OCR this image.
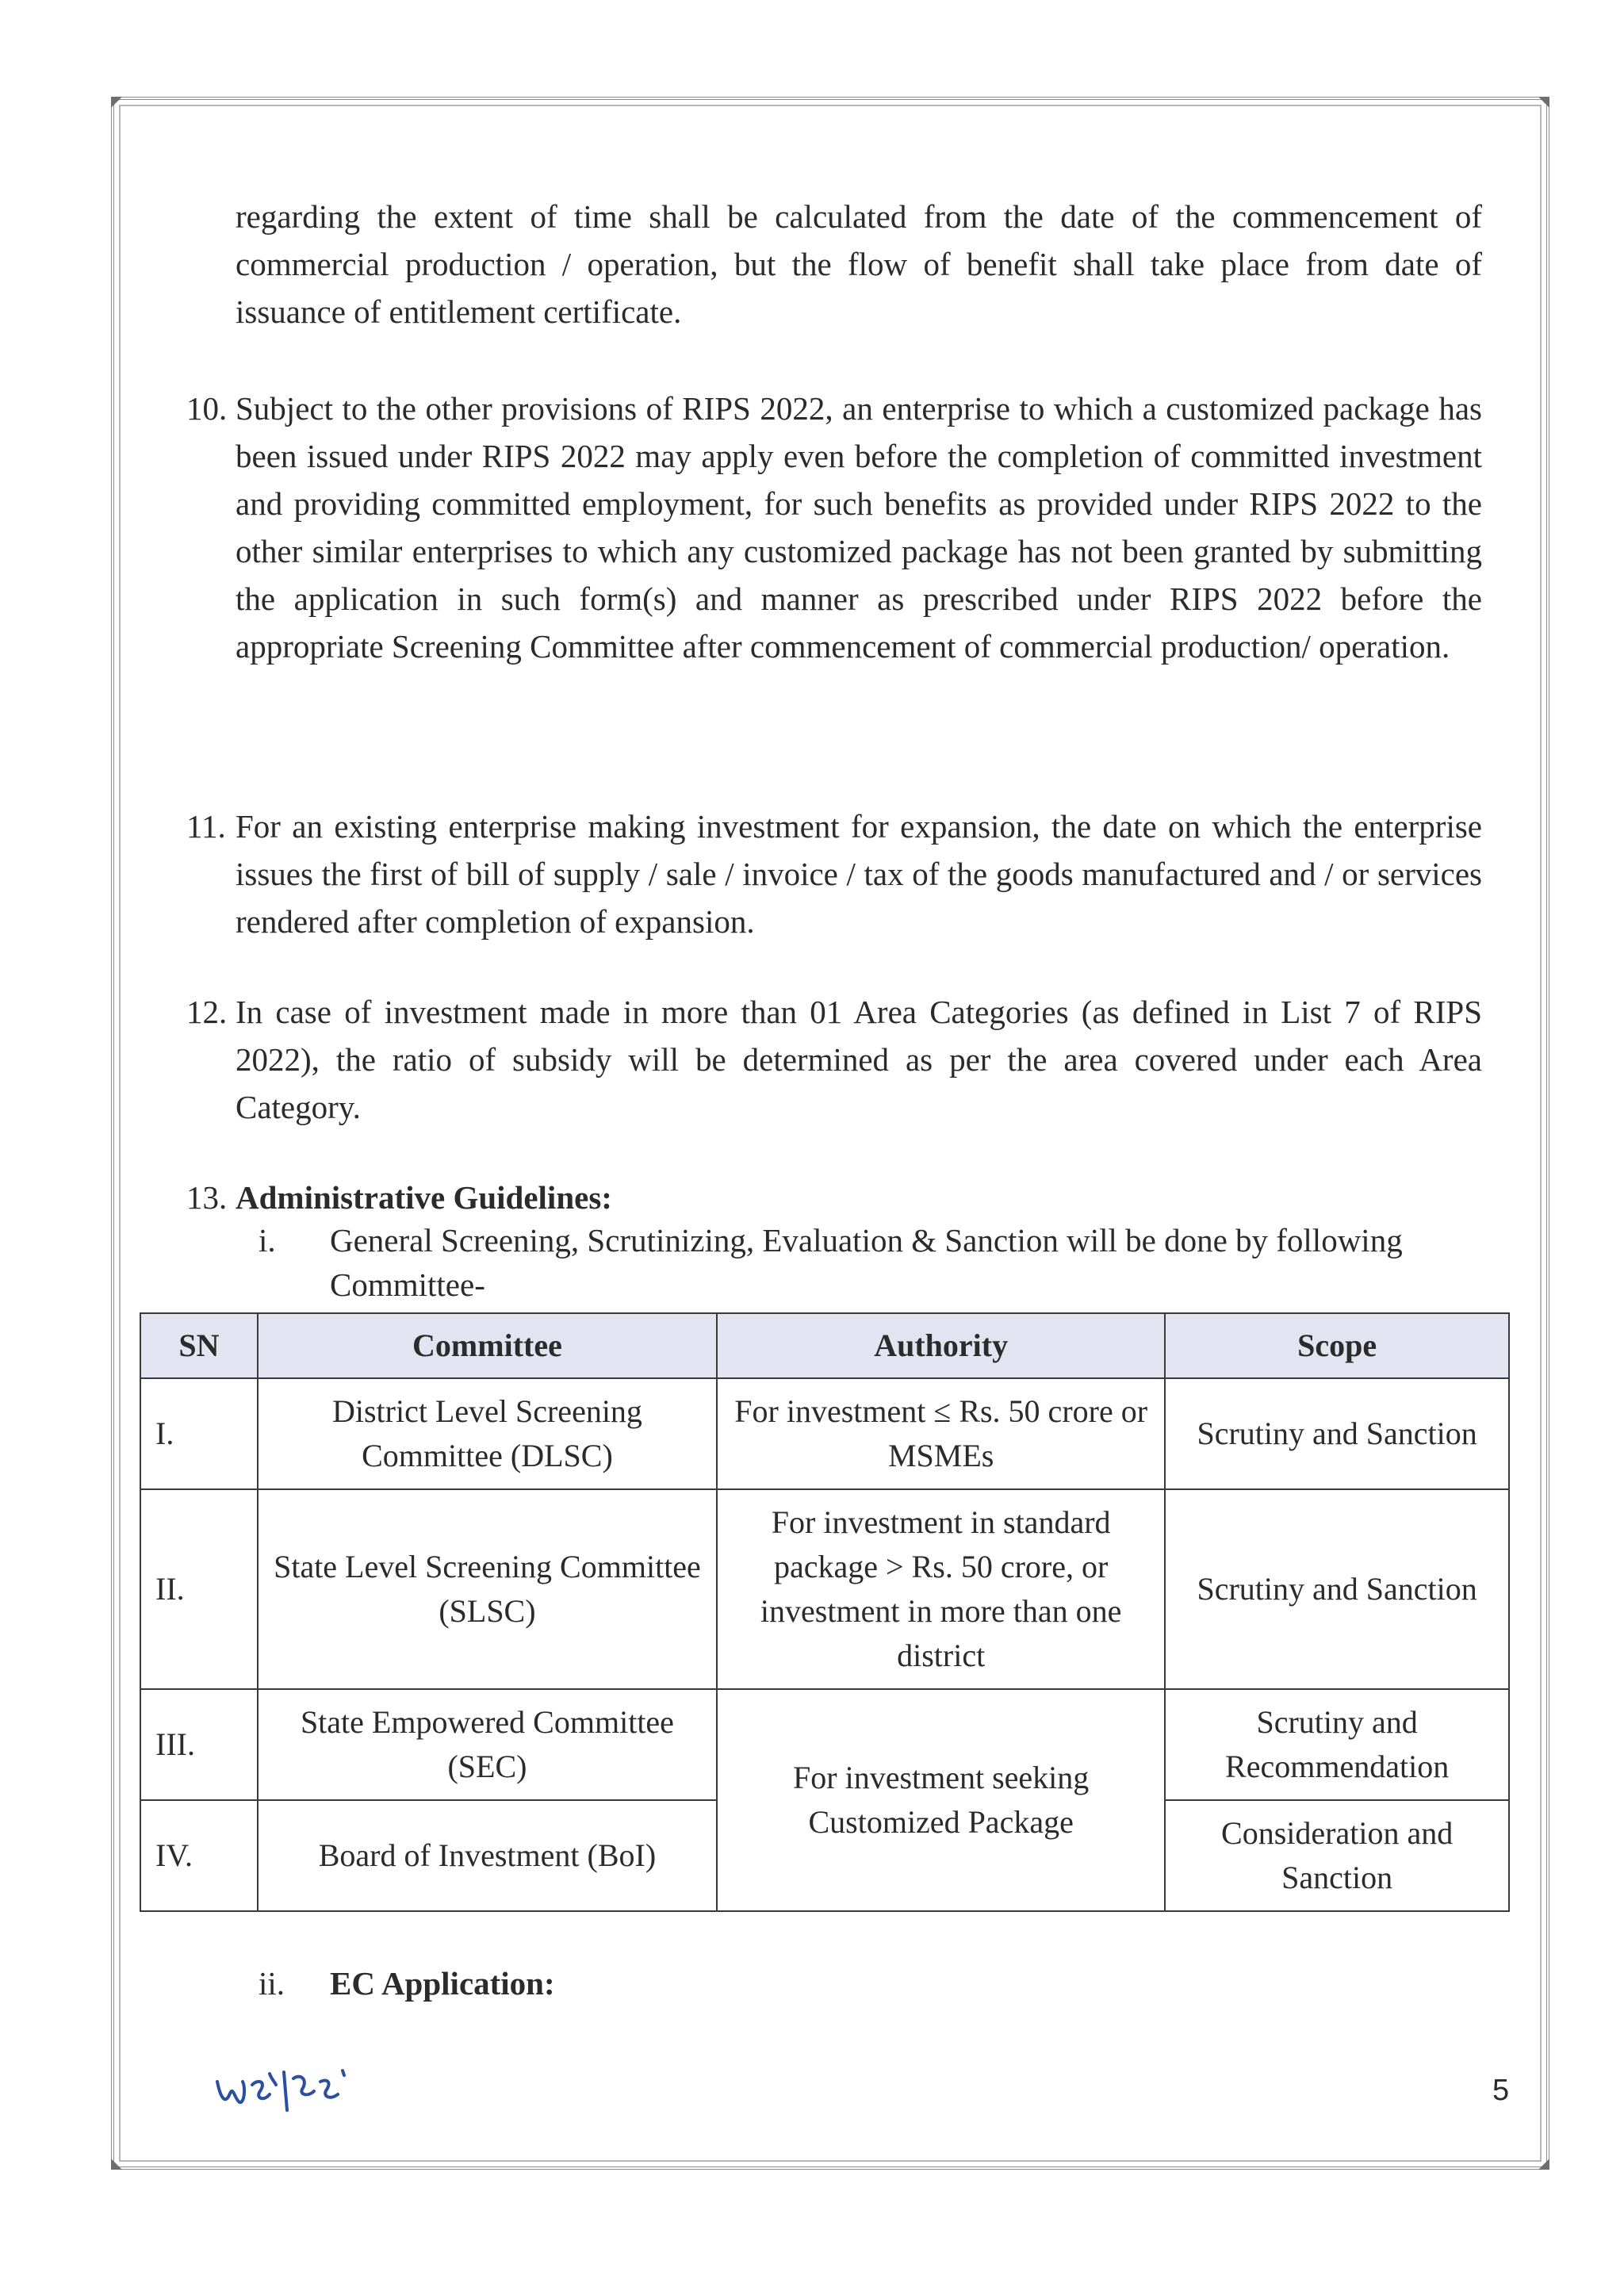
regarding the extent of time shall be calculated from the date of the commencement of commercial production / operation, but the flow of benefit shall take place from date of issuance of entitlement certificate.
10. Subject to the other provisions of RIPS 2022, an enterprise to which a customized package has been issued under RIPS 2022 may apply even before the completion of committed investment and providing committed employment, for such benefits as provided under RIPS 2022 to the other similar enterprises to which any customized package has not been granted by submitting the application in such form(s) and manner as prescribed under RIPS 2022 before the appropriate Screening Committee after commencement of commercial production/ operation.
11. For an existing enterprise making investment for expansion, the date on which the enterprise issues the first of bill of supply / sale / invoice / tax of the goods manufactured and / or services rendered after completion of expansion.
12. In case of investment made in more than 01 Area Categories (as defined in List 7 of RIPS 2022), the ratio of subsidy will be determined as per the area covered under each Area Category.
13. Administrative Guidelines:
i. General Screening, Scrutinizing, Evaluation & Sanction will be done by following Committee-
SN	Committee	Authority	Scope
I.	District Level Screening Committee (DLSC)	For investment ≤ Rs. 50 crore or MSMEs	Scrutiny and Sanction
II.	State Level Screening Committee (SLSC)	For investment in standard package > Rs. 50 crore, or investment in more than one district	Scrutiny and Sanction
III.	State Empowered Committee (SEC)	For investment seeking Customized Package	Scrutiny and Recommendation
IV.	Board of Investment (BoI)		Consideration and Sanction
ii. EC Application:
5
